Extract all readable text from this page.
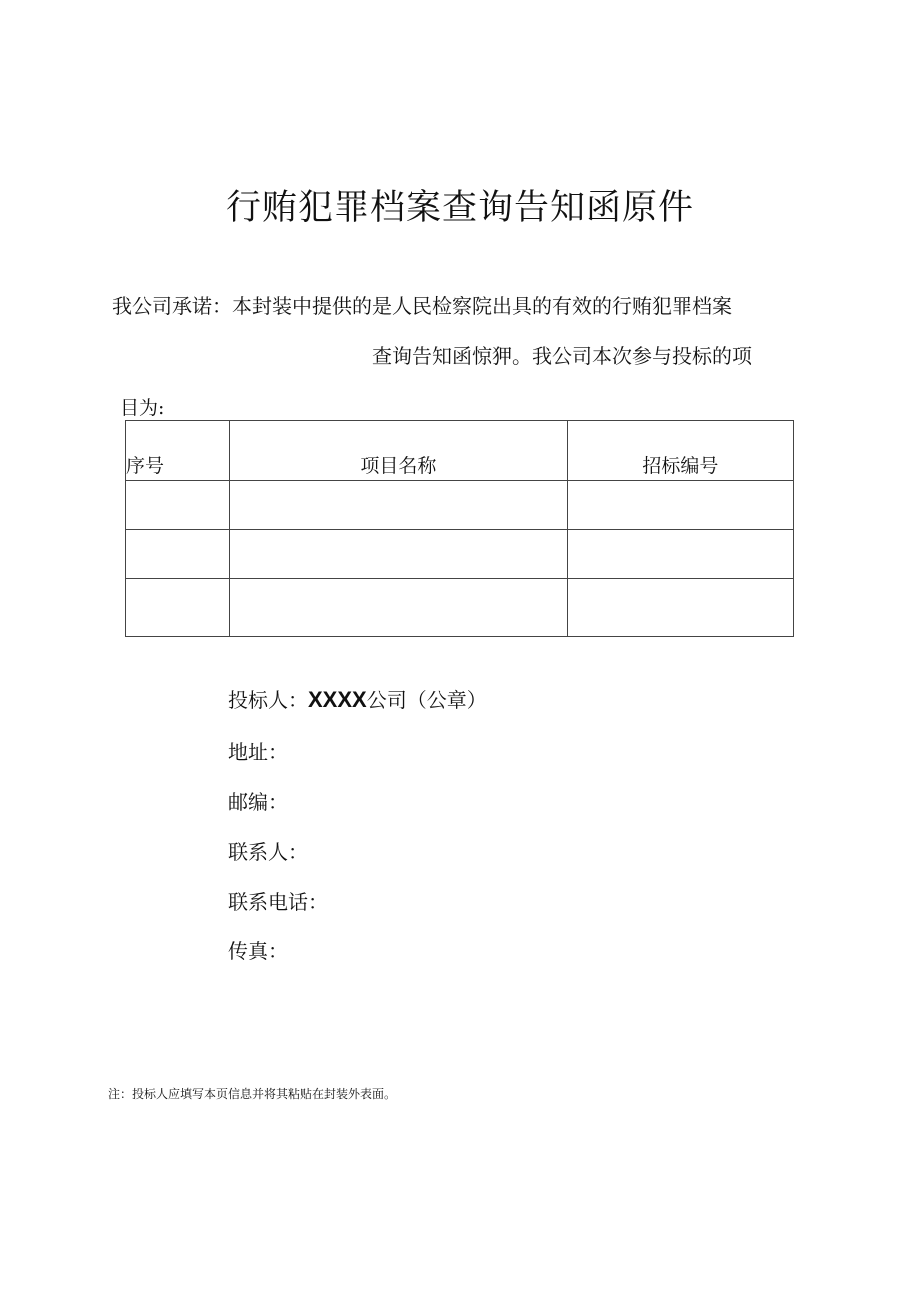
行贿犯罪档案查询告知函原件
我公司承诺：本封装中提供的是人民检察院出具的有效的行贿犯罪档案
查询告知函惊狎。我公司本次参与投标的项
目为:
序号	项目名称	招标编号

投标人：XXXX公司（公章）
地址：
邮编：
联系人：
联系电话：
传真：
注：投标人应填写本页信息并将其粘贴在封装外表面。
